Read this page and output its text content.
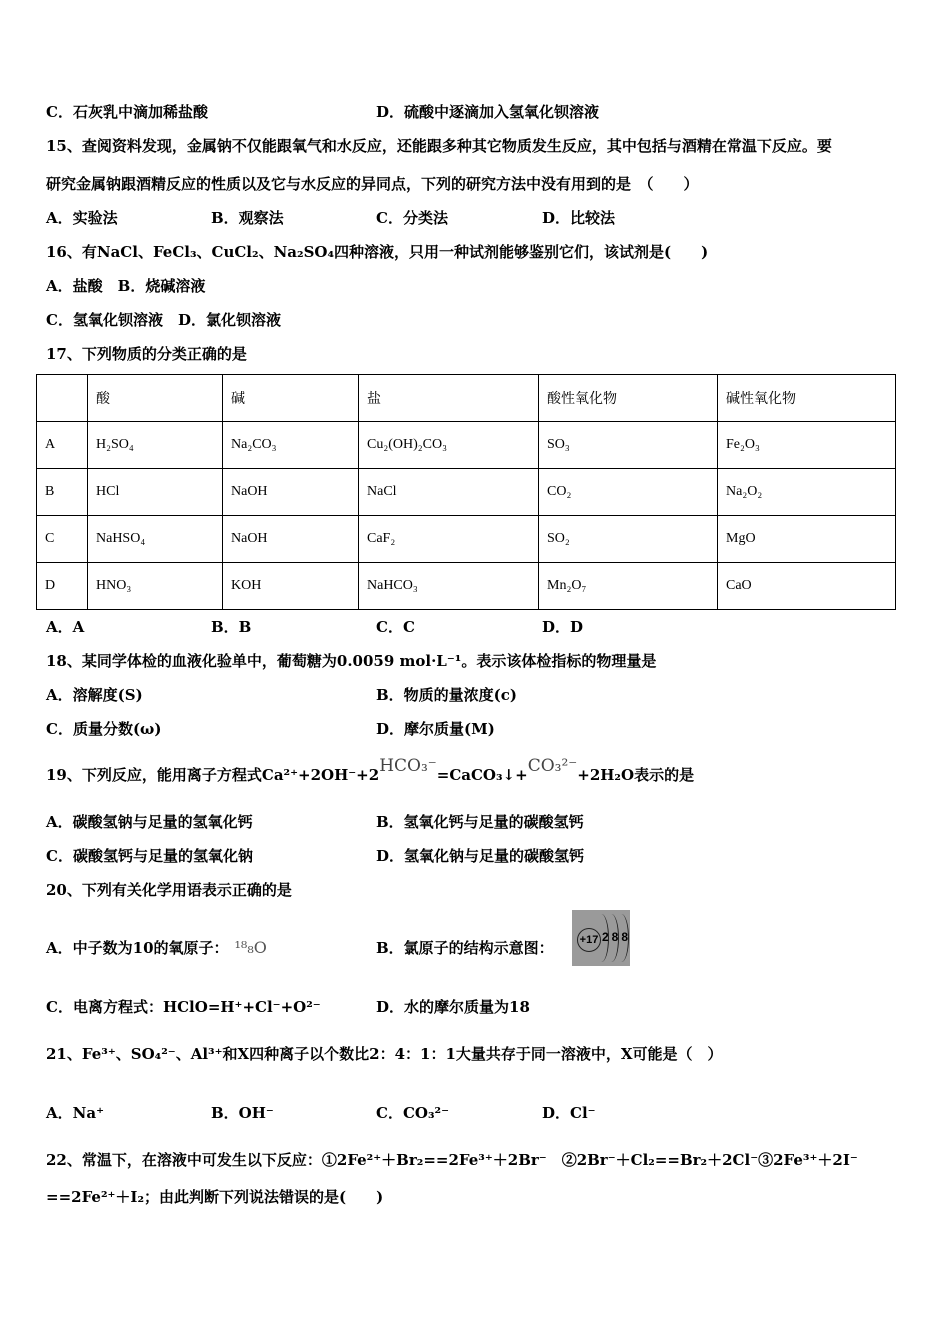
C．石灰乳中滴加稀盐酸	D．硫酸中逐滴加入氢氧化钡溶液
15、查阅资料发现，金属钠不仅能跟氧气和水反应，还能跟多种其它物质发生反应，其中包括与酒精在常温下反应。要
研究金属钠跟酒精反应的性质以及它与水反应的异同点，下列的研究方法中没有用到的是　（　　）
A．实验法	B．观察法	C．分类法	D．比较法
16、有NaCl、FeCl₃、CuCl₂、Na₂SO₄四种溶液，只用一种试剂能够鉴别它们，该试剂是(　　)
A．盐酸　B．烧碱溶液
C．氢氧化钡溶液　D．氯化钡溶液
17、下列物质的分类正确的是
	酸	碱	盐	酸性氧化物	碱性氧化物
A	H₂SO₄	Na₂CO₃	Cu₂(OH)₂CO₃	SO₃	Fe₂O₃
B	HCl	NaOH	NaCl	CO₂	Na₂O₂
C	NaHSO₄	NaOH	CaF₂	SO₂	MgO
D	HNO₃	KOH	NaHCO₃	Mn₂O₇	CaO
A．A	B．B	C．C	D．D
18、某同学体检的血液化验单中，葡萄糖为0.0059 mol·L⁻¹。表示该体检指标的物理量是
A．溶解度(S)	B．物质的量浓度(c)
C．质量分数(ω)	D．摩尔质量(M)
19、下列反应，能用离子方程式Ca²⁺+2OH⁻+2HCO₃⁻=CaCO₃↓+CO₃²⁻+2H₂O表示的是
A．碳酸氢钠与足量的氢氧化钙	B．氢氧化钙与足量的碳酸氢钙
C．碳酸氢钙与足量的氢氧化钠	D．氢氧化钠与足量的碳酸氢钙
20、下列有关化学用语表示正确的是
A．中子数为10的氧原子： ¹⁸₈O	B．氯原子的结构示意图： +17 288
C．电离方程式：HClO=H⁺+Cl⁻+O²⁻	D．水的摩尔质量为18
21、Fe³⁺、SO₄²⁻、Al³⁺和X四种离子以个数比2：4：1：1大量共存于同一溶液中，X可能是（　）
A．Na⁺	B．OH⁻	C．CO₃²⁻	D．Cl⁻
22、常温下，在溶液中可发生以下反应：①2Fe²⁺＋Br₂==2Fe³⁺＋2Br⁻　②2Br⁻＋Cl₂==Br₂＋2Cl⁻③2Fe³⁺＋2I⁻
==2Fe²⁺＋I₂；由此判断下列说法错误的是(　　)
